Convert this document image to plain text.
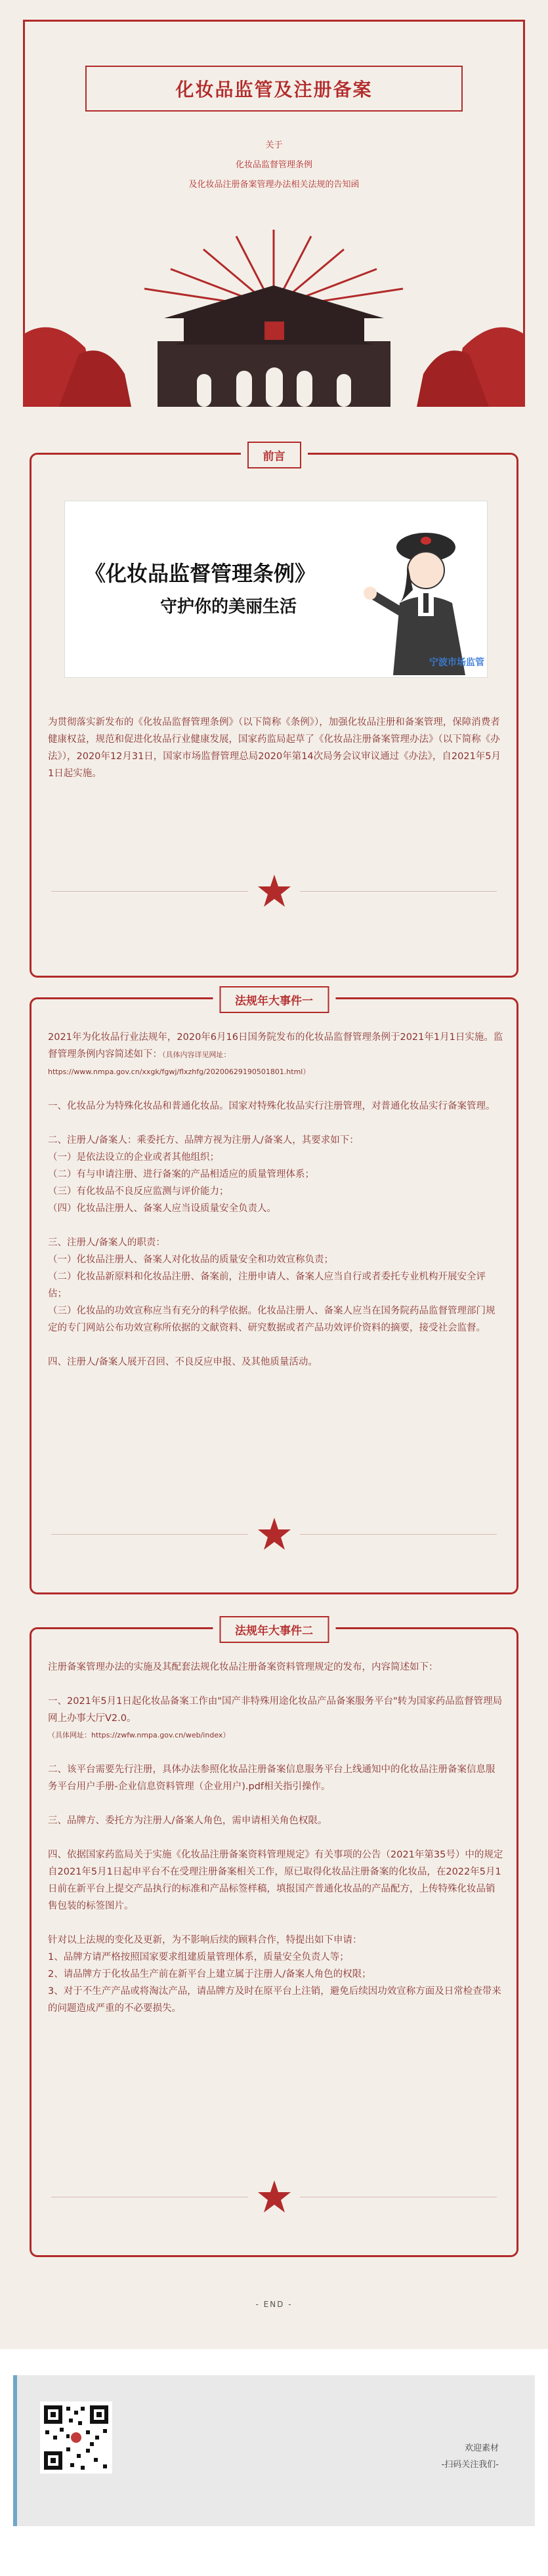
化妆品监管及注册备案
关于
化妆品监督管理条例
及化妆品注册备案管理办法相关法规的告知函
前言
《化妆品监督管理条例》
守护你的美丽生活
宁波市场监管

为贯彻落实新发布的《化妆品监督管理条例》（以下简称《条例》），加强化妆品注册和备案管理，保障消费者健康权益，规范和促进化妆品行业健康发展，国家药监局起草了《化妆品注册备案管理办法》（以下简称《办法》），2020年12月31日，国家市场监督管理总局2020年第14次局务会议审议通过《办法》，自2021年5月1日起实施。

法规年大事件一

2021年为化妆品行业法规年，2020年6月16日国务院发布的化妆品监督管理条例于2021年1月1日实施。监督管理条例内容简述如下：（具体内容详见网址：

https://www.nmpa.gov.cn/xxgk/fgwj/flxzhfg/20200629190501801.html）

一、化妆品分为特殊化妆品和普通化妆品。国家对特殊化妆品实行注册管理，对普通化妆品实行备案管理。

二、注册人/备案人：乘委托方、品牌方视为注册人/备案人，其要求如下：

（一）是依法设立的企业或者其他组织；

（二）有与申请注册、进行备案的产品相适应的质量管理体系；

（三）有化妆品不良反应监测与评价能力；

（四）化妆品注册人、备案人应当设质量安全负责人。

三、注册人/备案人的职责：

（一）化妆品注册人、备案人对化妆品的质量安全和功效宣称负责；

（二）化妆品新原料和化妆品注册、备案前，注册申请人、备案人应当自行或者委托专业机构开展安全评估；

（三）化妆品的功效宣称应当有充分的科学依据。化妆品注册人、备案人应当在国务院药品监督管理部门规定的专门网站公布功效宣称所依据的文献资料、研究数据或者产品功效评价资料的摘要，接受社会监督。

四、注册人/备案人展开召回、不良反应申报、及其他质量活动。

法规年大事件二

注册备案管理办法的实施及其配套法规化妆品注册备案资料管理规定的发布，内容简述如下：

一、2021年5月1日起化妆品备案工作由"国产非特殊用途化妆品产品备案服务平台"转为国家药品监督管理局网上办事大厅V2.0。

（具体网址：https://zwfw.nmpa.gov.cn/web/index）

二、该平台需要先行注册，具体办法参照化妆品注册备案信息服务平台上线通知中的化妆品注册备案信息服务平台用户手册-企业信息资料管理（企业用户).pdf相关指引操作。

三、品牌方、委托方为注册人/备案人角色，需申请相关角色权限。

四、依据国家药监局关于实施《化妆品注册备案资料管理规定》有关事项的公告（2021年第35号）中的规定自2021年5月1日起申平台不在受理注册备案相关工作，原已取得化妆品注册备案的化妆品，在2022年5月1日前在新平台上提交产品执行的标准和产品标签样稿，填报国产普通化妆品的产品配方，上传特殊化妆品销售包装的标签图片。

针对以上法规的变化及更新，为不影响后续的顾料合作，特提出如下申请：

1、品牌方请严格按照国家要求组建质量管理体系，质量安全负责人等；

2、请品牌方于化妆品生产前在新平台上建立属于注册人/备案人角色的权限；

3、对于不生产产品或将淘汰产品，请品牌方及时在原平台上注销，避免后续因功效宣称方面及日常检查带来的问题造成严重的不必要损失。

- END -
欢迎素材
-扫码关注我们-
